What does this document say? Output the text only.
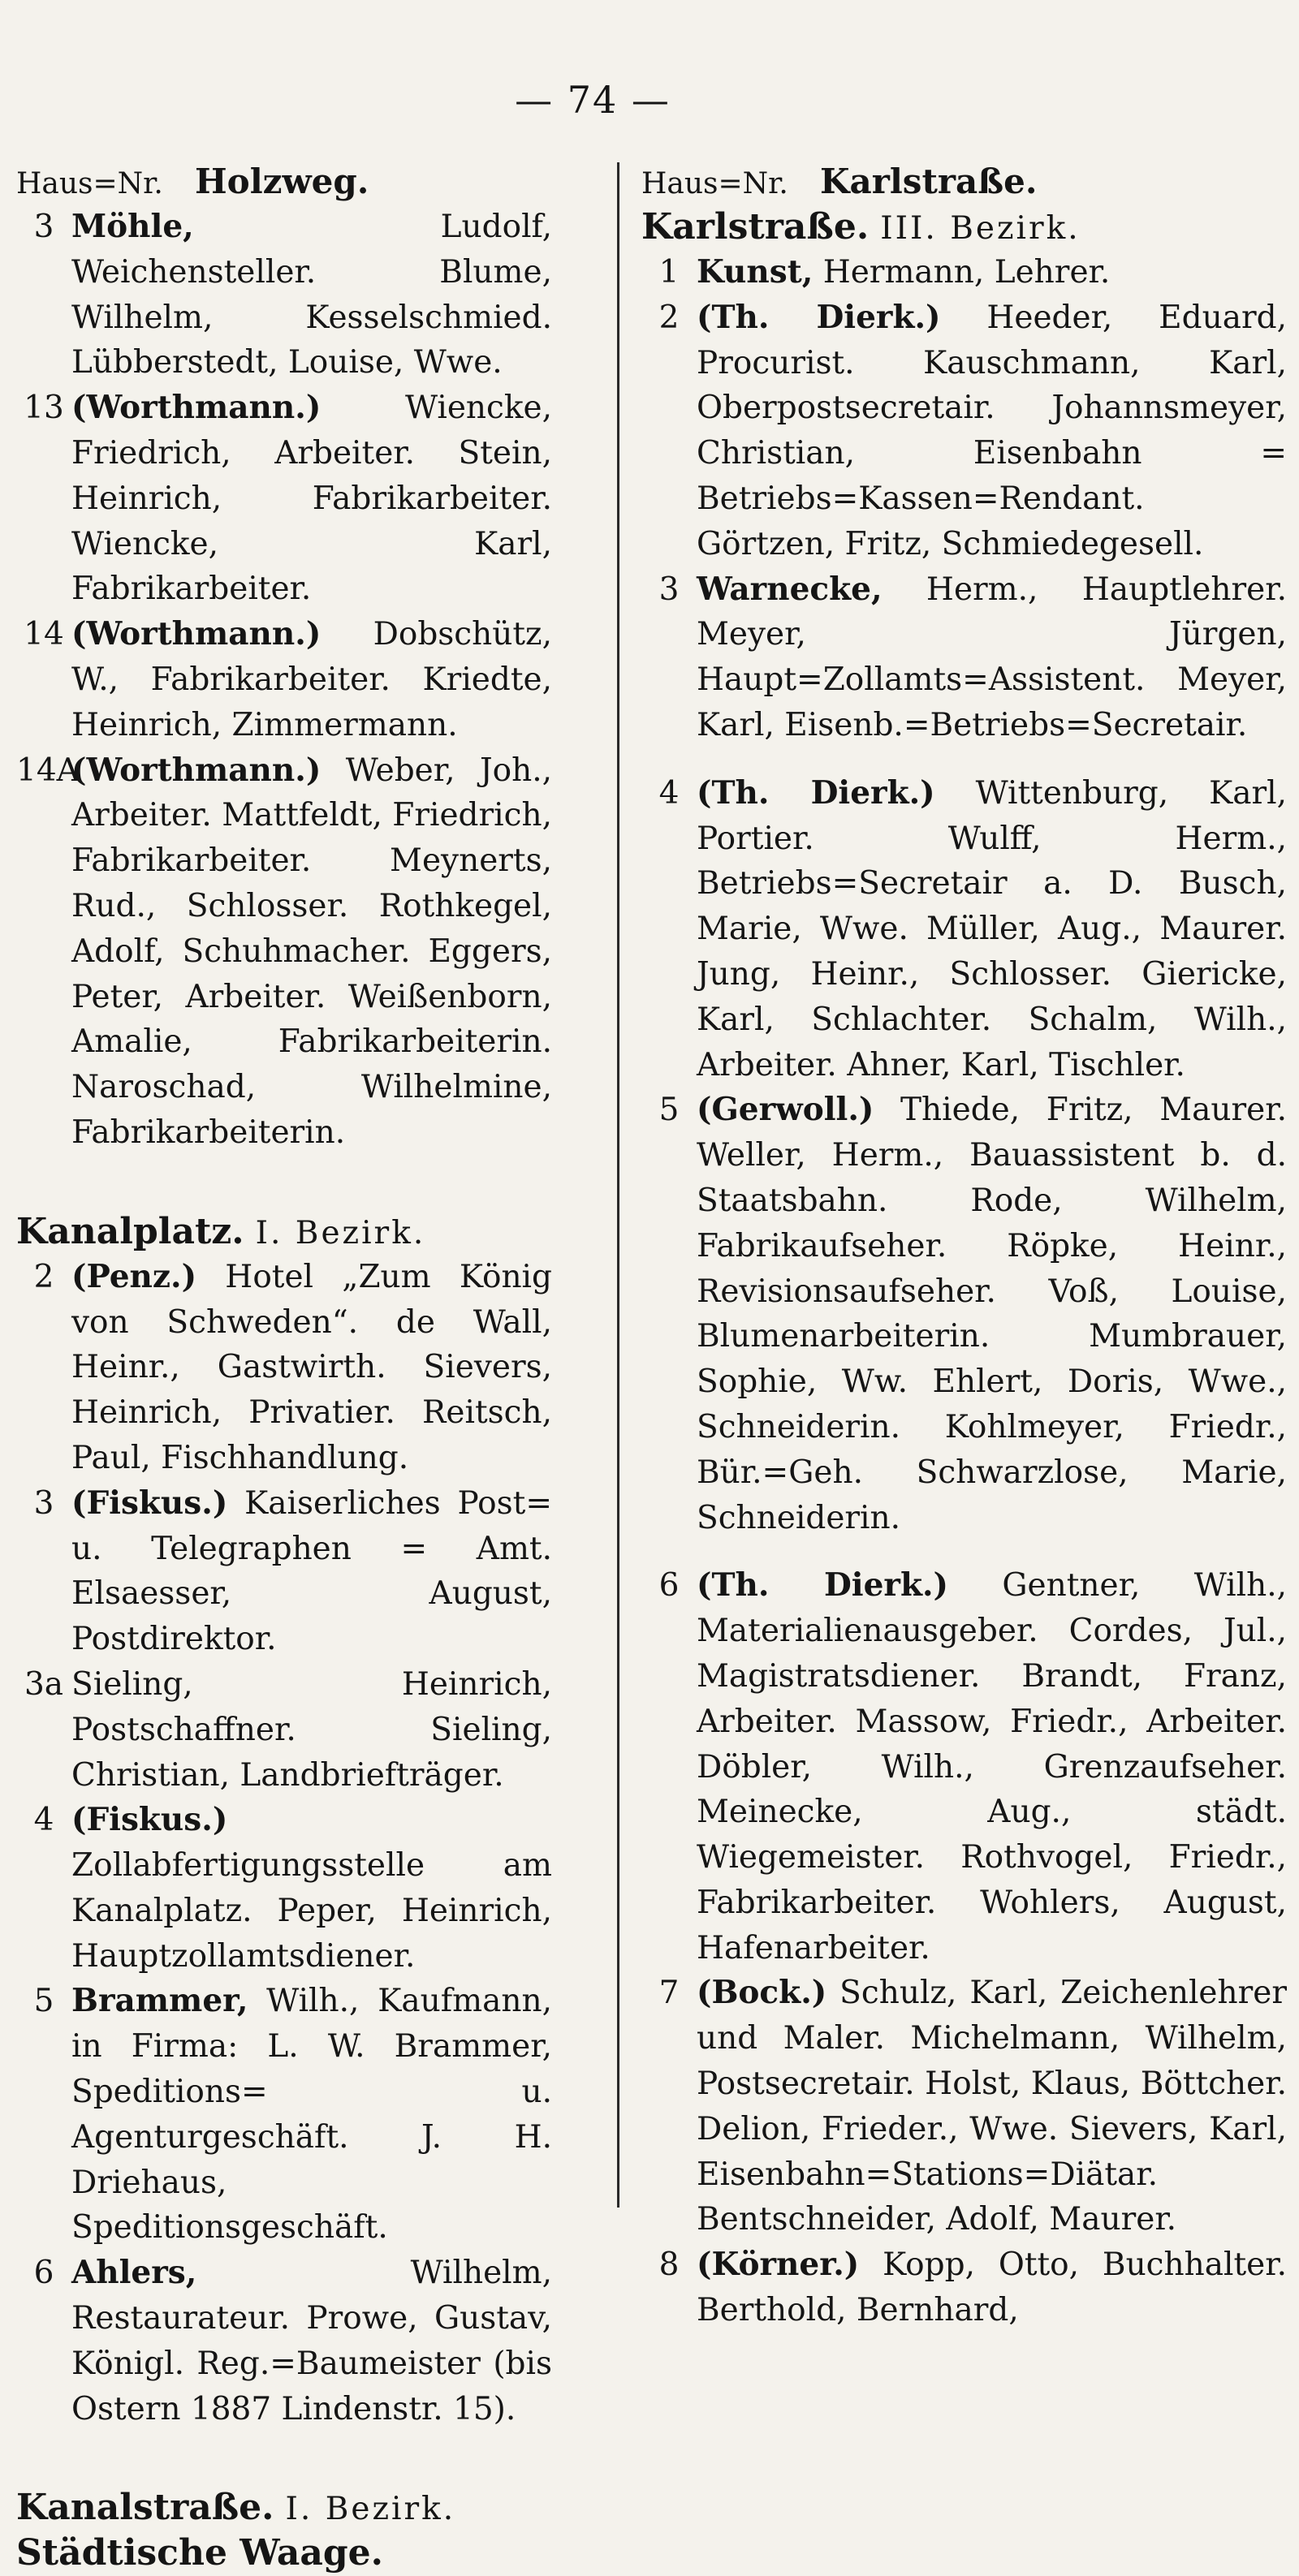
— 74 —
Haus=Nr. Holzweg.
3 Möhle, Ludolf, Weichensteller. Blume, Wilhelm, Kesselschmied. Lübberstedt, Louise, Wwe.
13 (Worthmann.) Wiencke, Friedrich, Arbeiter. Stein, Heinrich, Fabrikarbeiter. Wiencke, Karl, Fabrikarbeiter.
14 (Worthmann.) Dobschütz, W., Fabrikarbeiter. Kriedte, Heinrich, Zimmermann.
14A
(Worthmann.) Weber, Joh., Arbeiter. Mattfeldt, Friedrich, Fabrikarbeiter. Meynerts, Rud., Schlosser. Rothkegel, Adolf, Schuhmacher. Eggers, Peter, Arbeiter. Weißenborn, Amalie, Fabrikarbeiterin. Naroschad, Wilhelmine, Fabrikarbeiterin.
Kanalplatz. I. Bezirk.
2 (Penz.) Hotel „Zum König von Schweden“. de Wall, Heinr., Gastwirth. Sievers, Heinrich, Privatier. Reitsch, Paul, Fischhandlung.
3 (Fiskus.) Kaiserliches Post= u. Telegraphen = Amt. Elsaesser, August, Postdirektor.
3a Sieling, Heinrich, Postschaffner. Sieling, Christian, Landbriefträger.
4 (Fiskus.) Zollabfertigungsstelle am Kanalplatz. Peper, Heinrich, Hauptzollamtsdiener.
5 Brammer, Wilh., Kaufmann, in Firma: L. W. Brammer, Speditions= u. Agenturgeschäft. J. H. Driehaus, Speditionsgeschäft.
6 Ahlers, Wilhelm, Restaurateur. Prowe, Gustav, Königl. Reg.=Baumeister (bis Ostern 1887 Lindenstr. 15).
Kanalstraße. I. Bezirk.
Städtische Waage.
Haus=Nr. Karlstraße.
Karlstraße. III. Bezirk.
1 Kunst, Hermann, Lehrer.
2 (Th. Dierk.) Heeder, Eduard, Procurist. Kauschmann, Karl, Oberpostsecretair. Johannsmeyer, Christian, Eisenbahn = Betriebs=Kassen=Rendant. Görtzen, Fritz, Schmiedegesell.
3 Warnecke, Herm., Hauptlehrer. Meyer, Jürgen, Haupt=Zollamts=Assistent. Meyer, Karl, Eisenb.=Betriebs=Secretair.
4 (Th. Dierk.) Wittenburg, Karl, Portier. Wulff, Herm., Betriebs=Secretair a. D. Busch, Marie, Wwe. Müller, Aug., Maurer. Jung, Heinr., Schlosser. Giericke, Karl, Schlachter. Schalm, Wilh., Arbeiter. Ahner, Karl, Tischler.
5 (Gerwoll.) Thiede, Fritz, Maurer. Weller, Herm., Bauassistent b. d. Staatsbahn. Rode, Wilhelm, Fabrikaufseher. Röpke, Heinr., Revisionsaufseher. Voß, Louise, Blumenarbeiterin. Mumbrauer, Sophie, Ww. Ehlert, Doris, Wwe., Schneiderin. Kohlmeyer, Friedr., Bür.=Geh. Schwarzlose, Marie, Schneiderin.
6 (Th. Dierk.) Gentner, Wilh., Materialienausgeber. Cordes, Jul., Magistratsdiener. Brandt, Franz, Arbeiter. Massow, Friedr., Arbeiter. Döbler, Wilh., Grenzaufseher. Meinecke, Aug., städt. Wiegemeister. Rothvogel, Friedr., Fabrikarbeiter. Wohlers, August, Hafenarbeiter.
7 (Bock.) Schulz, Karl, Zeichenlehrer und Maler. Michelmann, Wilhelm, Postsecretair. Holst, Klaus, Böttcher. Delion, Frieder., Wwe. Sievers, Karl, Eisenbahn=Stations=Diätar. Bentschneider, Adolf, Maurer.
8 (Körner.) Kopp, Otto, Buchhalter. Berthold, Bernhard,
